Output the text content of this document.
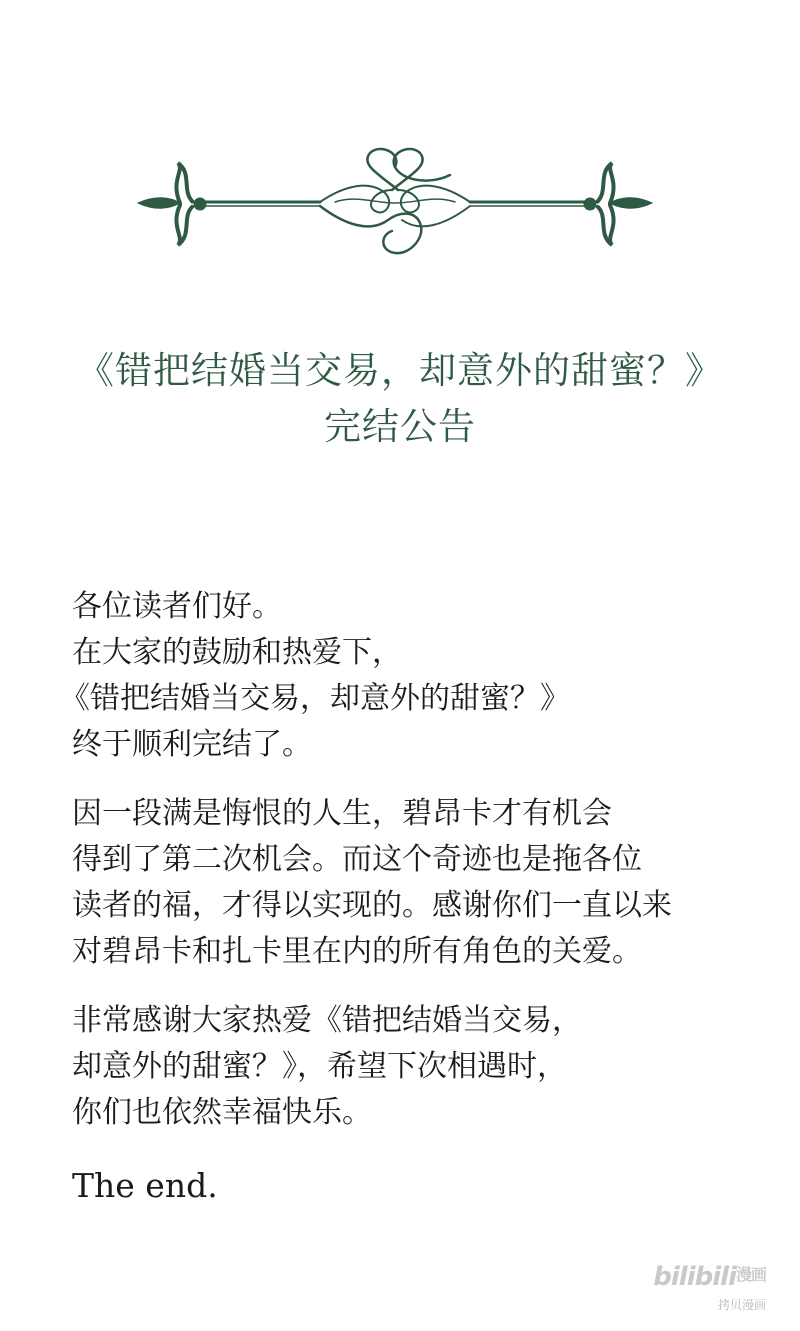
《错把结婚当交易，却意外的甜蜜？》
完结公告
各位读者们好。
在大家的鼓励和热爱下，
《错把结婚当交易，却意外的甜蜜？》
终于顺利完结了。
因一段满是悔恨的人生，碧昂卡才有机会
得到了第二次机会。而这个奇迹也是拖各位
读者的福，才得以实现的。感谢你们一直以来
对碧昂卡和扎卡里在内的所有角色的关爱。
非常感谢大家热爱《错把结婚当交易，
却意外的甜蜜？》，希望下次相遇时，
你们也依然幸福快乐。
The end.
bilibili$^{漫画}$
拷贝漫画
